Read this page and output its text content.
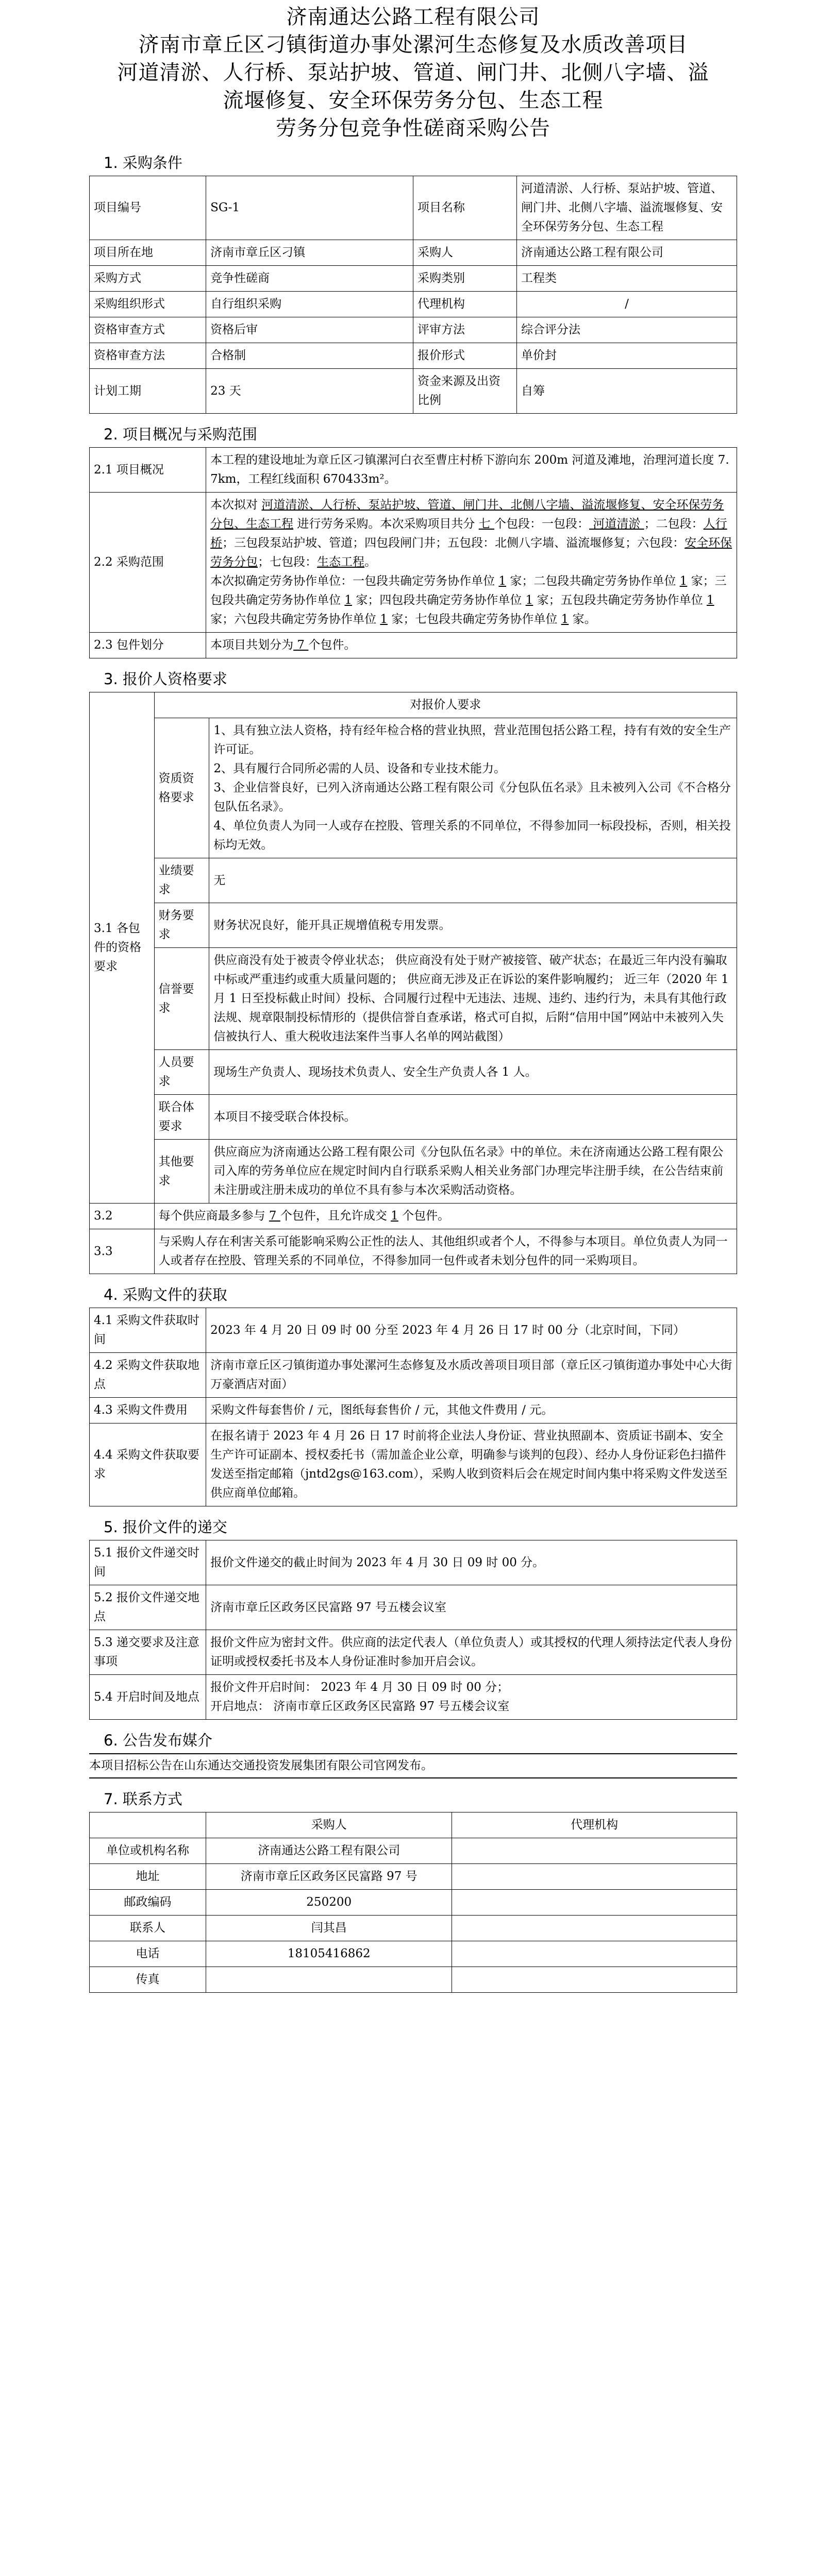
济南通达公路工程有限公司
济南市章丘区刁镇街道办事处漯河生态修复及水质改善项目
河道清淤、人行桥、泵站护坡、管道、闸门井、北侧八字墙、溢
流堰修复、安全环保劳务分包、生态工程
劳务分包竞争性磋商采购公告
1. 采购条件
项目编号	SG-1	项目名称	河道清淤、人行桥、泵站护坡、管道、闸门井、北侧八字墙、溢流堰修复、安全环保劳务分包、生态工程
项目所在地	济南市章丘区刁镇	采购人	济南通达公路工程有限公司
采购方式	竞争性磋商	采购类别	工程类
采购组织形式	自行组织采购	代理机构	/
资格审查方式	资格后审	评审方法	综合评分法
资格审查方法	合格制	报价形式	单价封
计划工期	23 天	资金来源及出资比例	自筹
2. 项目概况与采购范围
2.1 项目概况	本工程的建设地址为章丘区刁镇漯河白衣至曹庄村桥下游向东 200m 河道及滩地，治理河道长度 7.7km，工程红线面积 670433m²。
2.2 采购范围	本次拟对 河道清淤、人行桥、泵站护坡、管道、闸门井、北侧八字墙、溢流堰修复、安全环保劳务分包、生态工程 进行劳务采购。本次采购项目共分 七 个包段：一包段： 河道清淤 ；二包段：人行桥；三包段泵站护坡、管道；四包段闸门井；五包段：北侧八字墙、溢流堰修复；六包段：安全环保劳务分包；七包段：生态工程。

本次拟确定劳务协作单位：一包段共确定劳务协作单位 1 家；二包段共确定劳务协作单位 1 家；三包段共确定劳务协作单位 1 家；四包段共确定劳务协作单位 1 家；五包段共确定劳务协作单位 1 家；六包段共确定劳务协作单位 1 家；七包段共确定劳务协作单位 1 家。

2.3 包件划分	本项目共划分为 7 个包件。
3. 报价人资格要求
3.1 各包件的资格要求	对报价人要求	
	资质资格要求	1、具有独立法人资格，持有经年检合格的营业执照，营业范围包括公路工程，持有有效的安全生产许可证。

2、具有履行合同所必需的人员、设备和专业技术能力。

3、企业信誉良好，已列入济南通达公路工程有限公司《分包队伍名录》且未被列入公司《不合格分包队伍名录》。

4、单位负责人为同一人或存在控股、管理关系的不同单位，不得参加同一标段投标，否则，相关投标均无效。

	业绩要求	无
	财务要求	财务状况良好，能开具正规增值税专用发票。
	信誉要求	供应商没有处于被责令停业状态； 供应商没有处于财产被接管、破产状态；在最近三年内没有骗取中标或严重违约或重大质量问题的； 供应商无涉及正在诉讼的案件影响履约； 近三年（2020 年 1 月 1 日至投标截止时间）投标、合同履行过程中无违法、违规、违约、违约行为，未具有其他行政法规、规章限制投标情形的（提供信誉自查承诺，格式可自拟，后附“信用中国”网站中未被列入失信被执行人、重大税收违法案件当事人名单的网站截图）
	人员要求	现场生产负责人、现场技术负责人、安全生产负责人各 1 人。
	联合体要求	本项目不接受联合体投标。
	其他要求	供应商应为济南通达公路工程有限公司《分包队伍名录》中的单位。未在济南通达公路工程有限公司入库的劳务单位应在规定时间内自行联系采购人相关业务部门办理完毕注册手续，在公告结束前未注册或注册未成功的单位不具有参与本次采购活动资格。
3.2	每个供应商最多参与 7 个包件，且允许成交 1 个包件。	
3.3	与采购人存在利害关系可能影响采购公正性的法人、其他组织或者个人，不得参与本项目。单位负责人为同一人或者存在控股、管理关系的不同单位，不得参加同一包件或者未划分包件的同一采购项目。	
4. 采购文件的获取
4.1 采购文件获取时间	2023 年 4 月 20 日 09 时 00 分至 2023 年 4 月 26 日 17 时 00 分（北京时间，下同）
4.2 采购文件获取地点	济南市章丘区刁镇街道办事处漯河生态修复及水质改善项目项目部（章丘区刁镇街道办事处中心大街万豪酒店对面）
4.3 采购文件费用	采购文件每套售价 / 元，图纸每套售价 / 元，其他文件费用 / 元。
4.4 采购文件获取要求	在报名请于 2023 年 4 月 26 日 17 时前将企业法人身份证、营业执照副本、资质证书副本、安全生产许可证副本、授权委托书（需加盖企业公章，明确参与谈判的包段）、经办人身份证彩色扫描件发送至指定邮箱（jntd2gs@163.com），采购人收到资料后会在规定时间内集中将采购文件发送至供应商单位邮箱。
5. 报价文件的递交
5.1 报价文件递交时间	报价文件递交的截止时间为 2023 年 4 月 30 日 09 时 00 分。
5.2 报价文件递交地点	济南市章丘区政务区民富路 97 号五楼会议室
5.3 递交要求及注意事项	报价文件应为密封文件。供应商的法定代表人（单位负责人）或其授权的代理人须持法定代表人身份证明或授权委托书及本人身份证准时参加开启会议。
5.4 开启时间及地点	报价文件开启时间： 2023 年 4 月 30 日 09 时 00 分；

开启地点： 济南市章丘区政务区民富路 97 号五楼会议室

6. 公告发布媒介
本项目招标公告在山东通达交通投资发展集团有限公司官网发布。
7. 联系方式
	采购人	代理机构
单位或机构名称	济南通达公路工程有限公司	
地址	济南市章丘区政务区民富路 97 号	
邮政编码	250200	
联系人	闫其昌	
电话	18105416862	
传真		
